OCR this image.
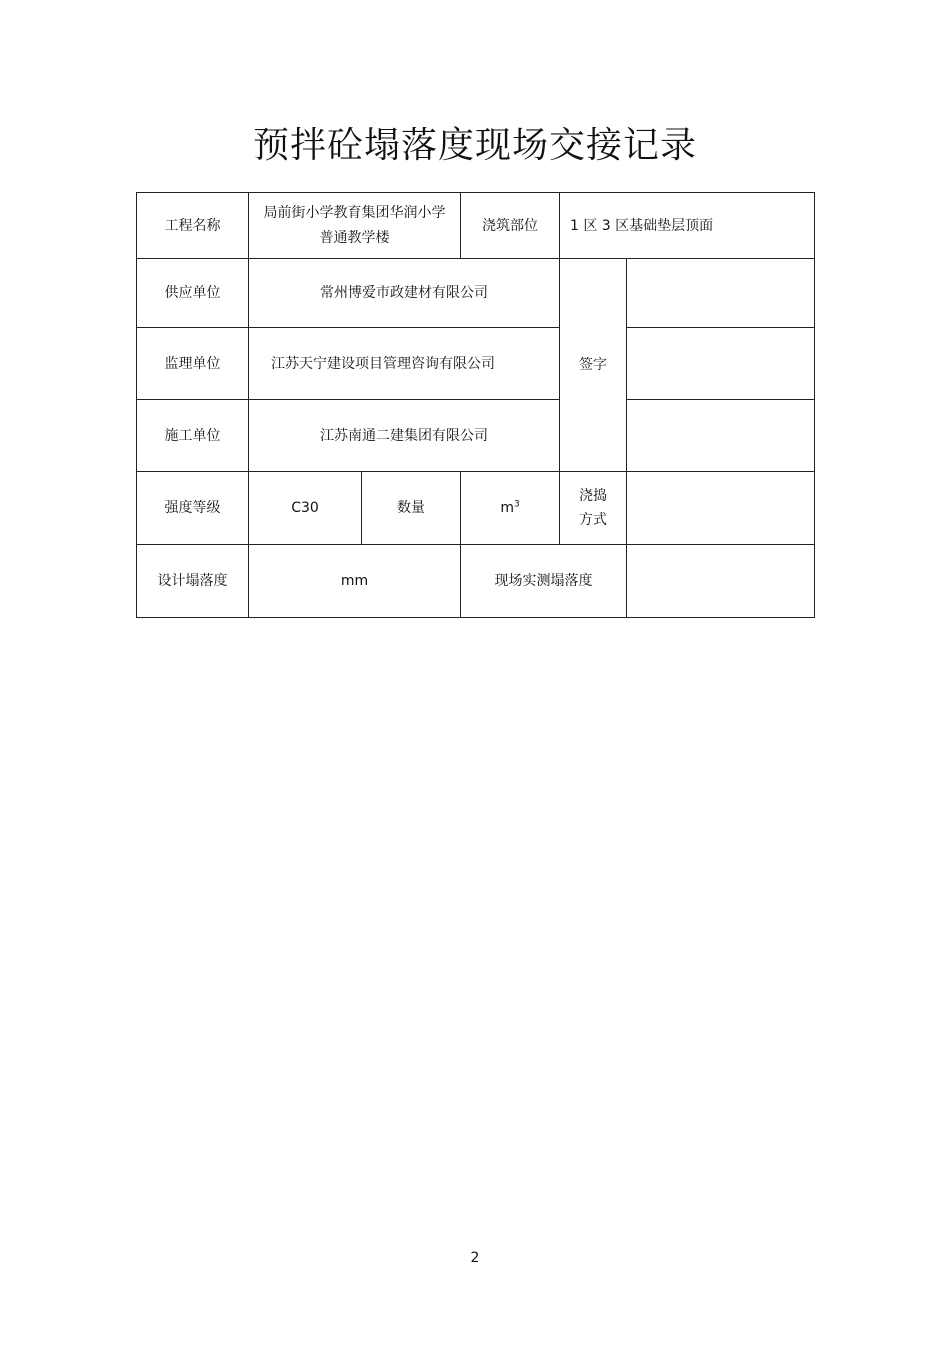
预拌砼塌落度现场交接记录
工程名称	局前街小学教育集团华润小学普通教学楼		浇筑部位	1 区 3 区基础垫层顶面	
供应单位	常州博爱市政建材有限公司			签字	
监理单位	江苏天宁建设项目管理咨询有限公司				
施工单位	江苏南通二建集团有限公司				
强度等级	C30	数量	$m^3$	浇捣方式	
设计塌落度	mm		现场实测塌落度		
2
